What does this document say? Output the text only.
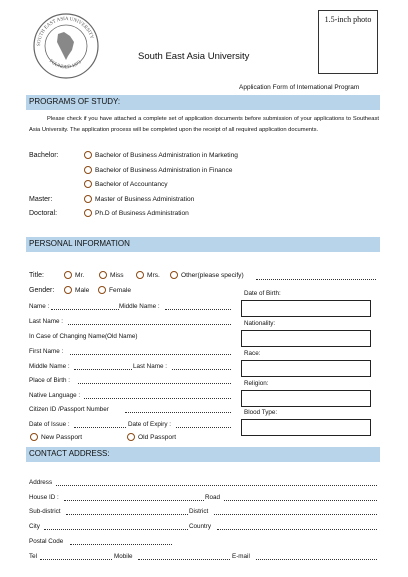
SOUTH EAST ASIA UNIVERSITY
FOUNDED 1973
South East Asia University
1.5-inch photo
Application Form of International Program
PROGRAMS OF STUDY:
Please check if you have attached a complete set of application documents before submission of your applications to Southeast Asia University. The application process will be completed upon the receipt of all required application documents.
Bachelor:	Bachelor of Business Administration in Marketing
Bachelor of Business Administration in Finance
Bachelor of Accountancy
Master:	Master of Business Administration
Doctoral:	Ph.D of Business Administration
PERSONAL INFORMATION
Title:	Mr.	Miss	Mrs.	Other(please specify)
Gender:	Male	Female
Name :	Middle Name :
Last Name :
In Case of Changing Name(Old Name)
First Name :
Middle Name :	Last Name :
Place of Birth :
Native Language :
Citizen ID /Passport Number
Date of Issue :	Date of Expiry :
New Passport	Old Passport
Date of Birth:
Nationality:
Race:
Religion:
Blood Type:
CONTACT ADDRESS:
Address
House ID :	Road
Sub-district	District
City	Country
Postal Code
Tel	Mobile	E-mail
